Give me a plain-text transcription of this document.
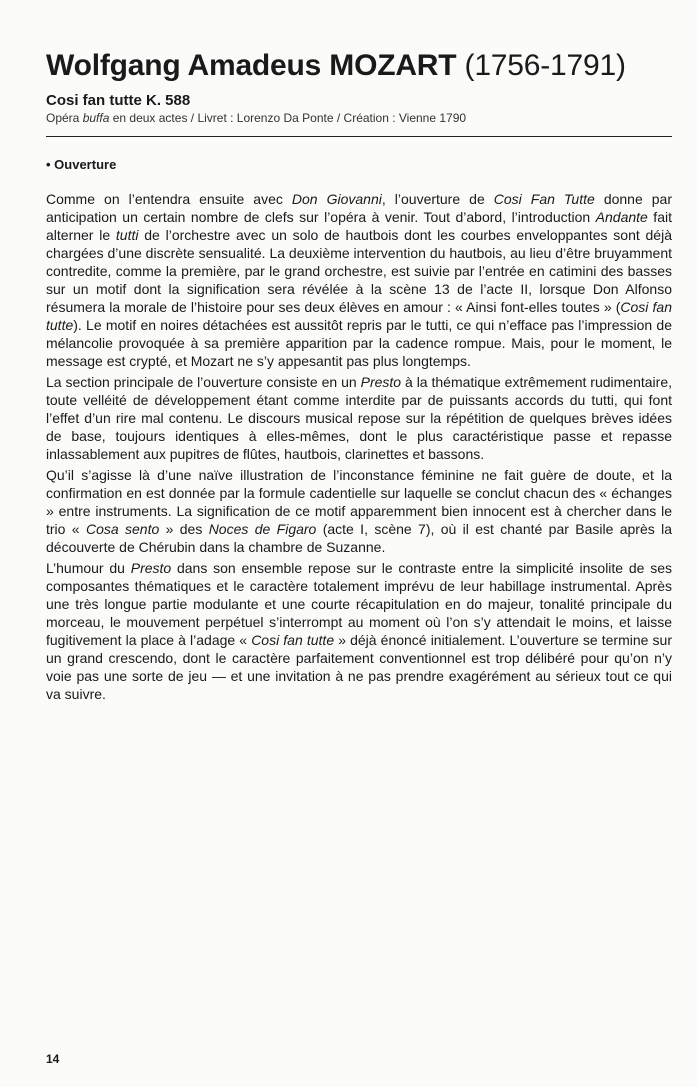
Wolfgang Amadeus MOZART (1756-1791)

Cosi fan tutte K. 588

Opéra buffa en deux actes / Livret : Lorenzo Da Ponte / Création : Vienne 1790

• Ouverture

Comme on l’entendra ensuite avec Don Giovanni, l’ouverture de Cosi Fan Tutte donne par anticipation un certain nombre de clefs sur l’opéra à venir. Tout d’abord, l’introduction Andante fait alterner le tutti de l’orchestre avec un solo de hautbois dont les courbes enveloppantes sont déjà chargées d’une discrète sensualité. La deuxième intervention du hautbois, au lieu d’être bruyamment contredite, comme la première, par le grand orchestre, est suivie par l’entrée en catimini des basses sur un motif dont la signification sera révélée à la scène 13 de l’acte II, lorsque Don Alfonso résumera la morale de l’histoire pour ses deux élèves en amour : « Ainsi font-elles toutes » (Cosi fan tutte). Le motif en noires détachées est aussitôt repris par le tutti, ce qui n’efface pas l’impression de mélancolie provoquée à sa première apparition par la cadence rompue. Mais, pour le moment, le message est crypté, et Mozart ne s’y appesantit pas plus longtemps.

La section principale de l’ouverture consiste en un Presto à la thématique extrêmement rudimentaire, toute velléité de développement étant comme interdite par de puissants accords du tutti, qui font l’effet d’un rire mal contenu. Le discours musical repose sur la répétition de quelques brèves idées de base, toujours identiques à elles-mêmes, dont le plus caractéristique passe et repasse inlassablement aux pupitres de flûtes, hautbois, clarinettes et bassons.

Qu’il s’agisse là d’une naïve illustration de l’inconstance féminine ne fait guère de doute, et la confirmation en est donnée par la formule cadentielle sur laquelle se conclut chacun des « échanges » entre instruments. La signification de ce motif apparemment bien innocent est à chercher dans le trio « Cosa sento » des Noces de Figaro (acte I, scène 7), où il est chanté par Basile après la découverte de Chérubin dans la chambre de Suzanne.

L’humour du Presto dans son ensemble repose sur le contraste entre la simplicité insolite de ses composantes thématiques et le caractère totalement imprévu de leur habillage instrumental. Après une très longue partie modulante et une courte récapitulation en do majeur, tonalité principale du morceau, le mouvement perpétuel s’interrompt au moment où l’on s’y attendait le moins, et laisse fugitivement la place à l’adage « Cosi fan tutte » déjà énoncé initialement. L’ouverture se termine sur un grand crescendo, dont le caractère parfaitement conventionnel est trop délibéré pour qu’on n’y voie pas une sorte de jeu — et une invitation à ne pas prendre exagérément au sérieux tout ce qui va suivre.

14
